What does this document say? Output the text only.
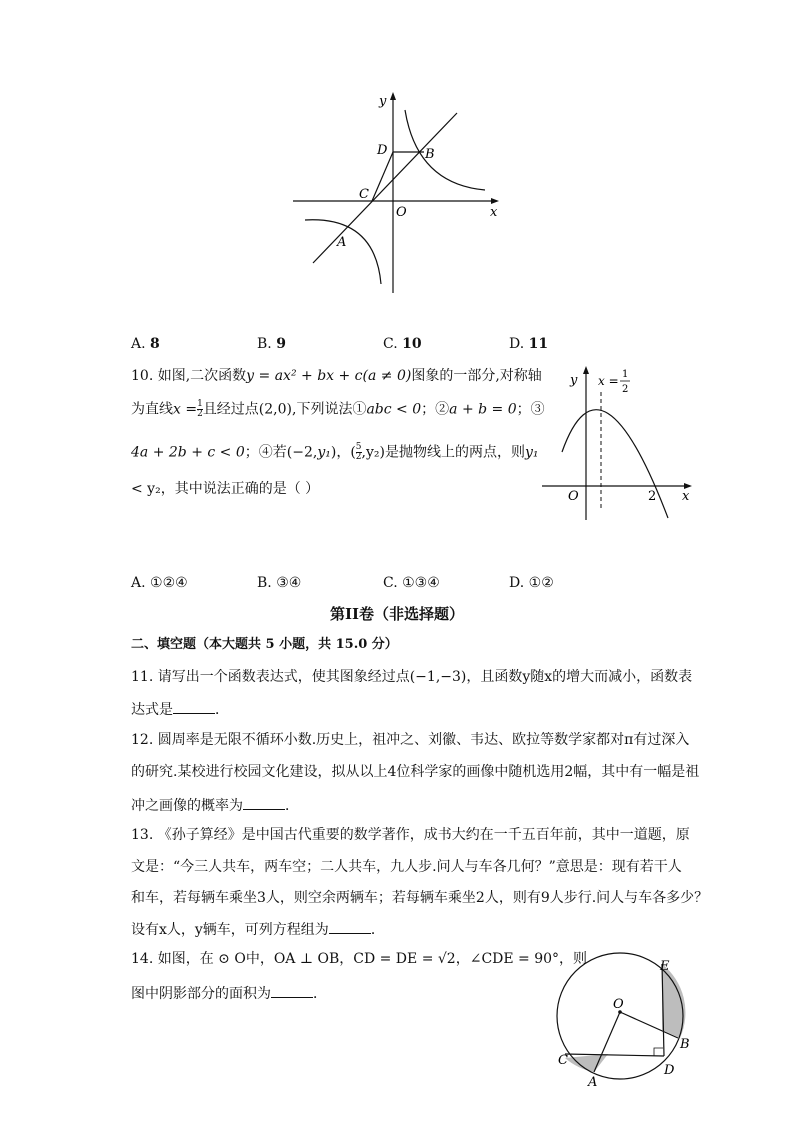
y
x
D	B
C
O
A
A. 8	B. 9	C. 10	D. 11
10. 如图,二次函数y = ax² + bx + c(a ≠ 0)图象的一部分,对称轴
为直线$x = \frac{1}{2}$ 且经过点(2,0),下列说法①abc < 0；②a + b = 0；③
4a + 2b + c < 0；④若(−2,y₁)，( $\frac{5}{2} ,y_2$)是抛物线上的两点，则y₁
< y₂，其中说法正确的是（ ）
y x = 1
2
O	2 x
A. ①②④	B. ③④	C. ①③④	D. ①②
第II卷（非选择题）
二、填空题（本大题共 5 小题，共 15.0 分）
11. 请写出一个函数表达式，使其图象经过点(−1,−3)，且函数y随x的增大而减小，函数表
达式是	．
12. 圆周率是无限不循环小数.历史上，祖冲之、刘徽、韦达、欧拉等数学家都对π有过深入
的研究.某校进行校园文化建设，拟从以上4位科学家的画像中随机选用2幅，其中有一幅是祖
冲之画像的概率为	．
13. 《孙子算经》是中国古代重要的数学著作，成书大约在一千五百年前，其中一道题，原
文是：“今三人共车，两车空；二人共车，九人步.问人与车各几何？”意思是：现有若干人
和车，若每辆车乘坐3人，则空余两辆车；若每辆车乘坐2人，则有9人步行.问人与车各多少？
设有x人，y辆车，可列方程组为	．
14. 如图，在 ⊙ O中，OA ⊥ OB，CD = DE = √2，∠CDE = 90°，则
图中阴影部分的面积为	．
E
O
B
C
D
A
